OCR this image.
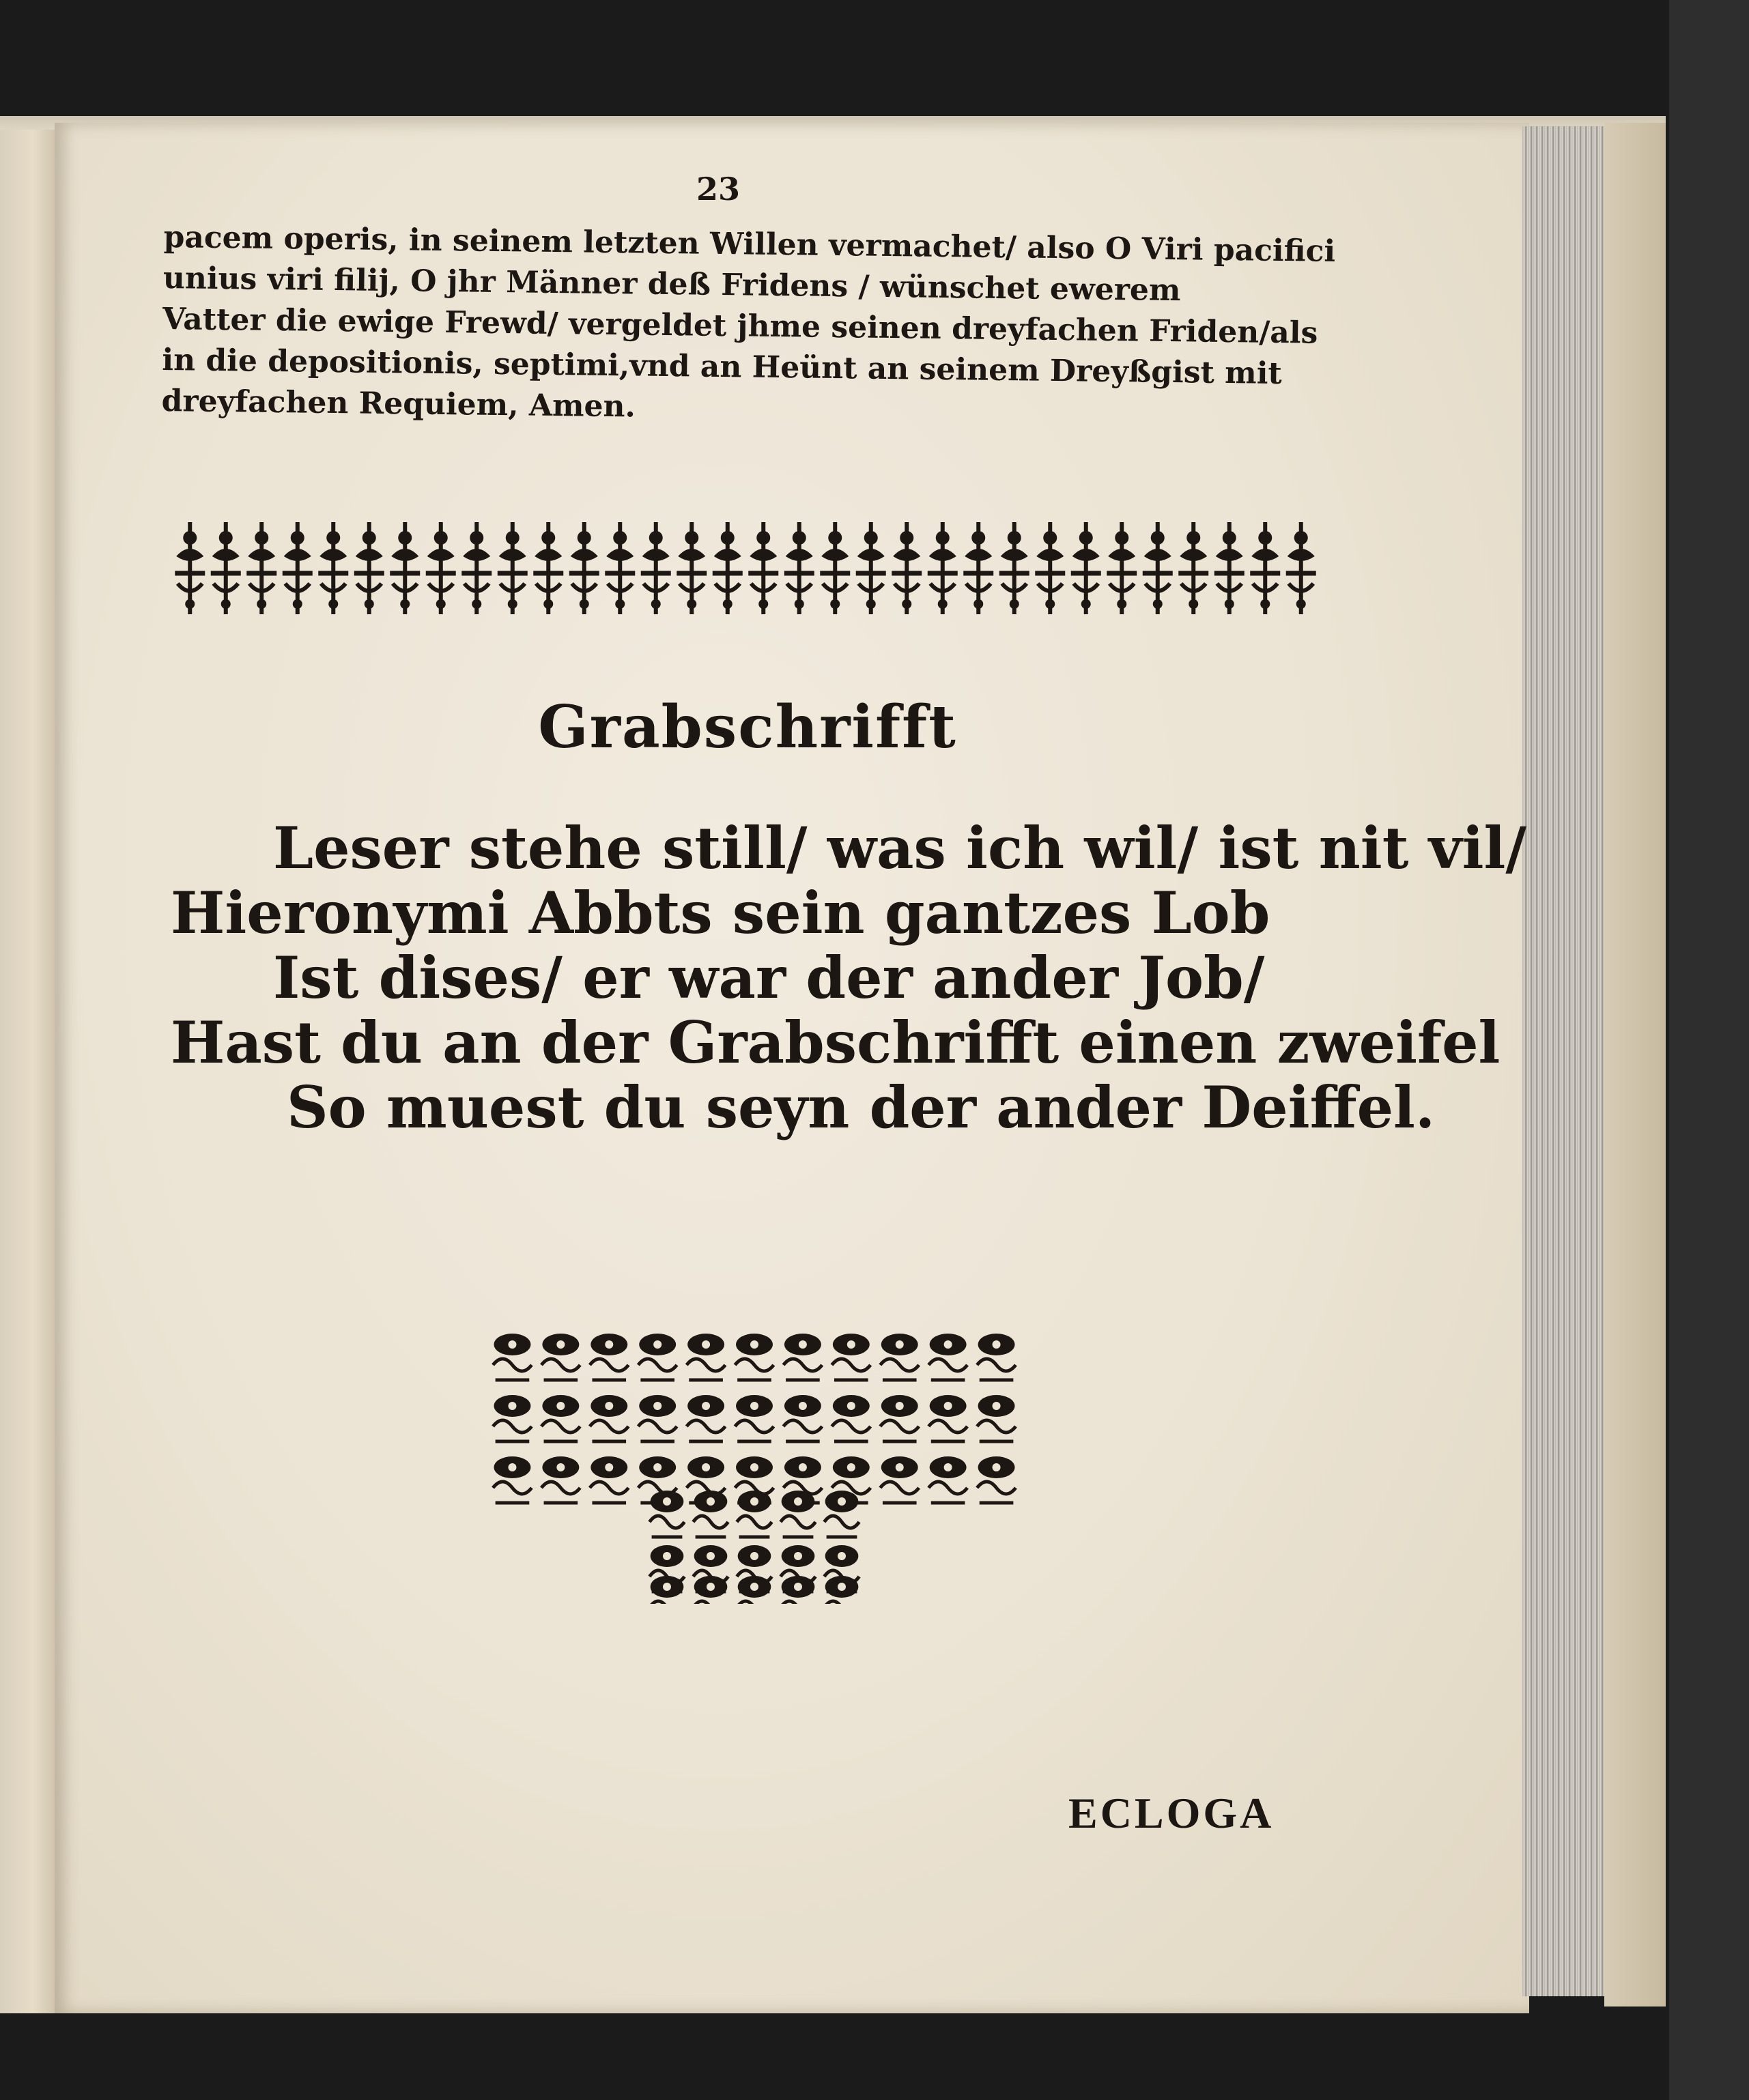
23
pacem operis, in seinem letzten Willen vermachet/ also O Viri pacifici
unius viri filij, O jhr Männer deß Fridens / wünschet ewerem
Vatter die ewige Frewd/ vergeldet jhme seinen dreyfachen Friden/als
in die depositionis, septimi,vnd an Heünt an seinem Dreyßgist mit
dreyfachen Requiem, Amen.
Grabschrifft
Leser stehe still/ was ich wil/ ist nit vil/
Hieronymi Abbts sein gantzes Lob
Ist dises/ er war der ander Job/
Hast du an der Grabschrifft einen zweifel
So muest du seyn der ander Deiffel.
ECLOGA
